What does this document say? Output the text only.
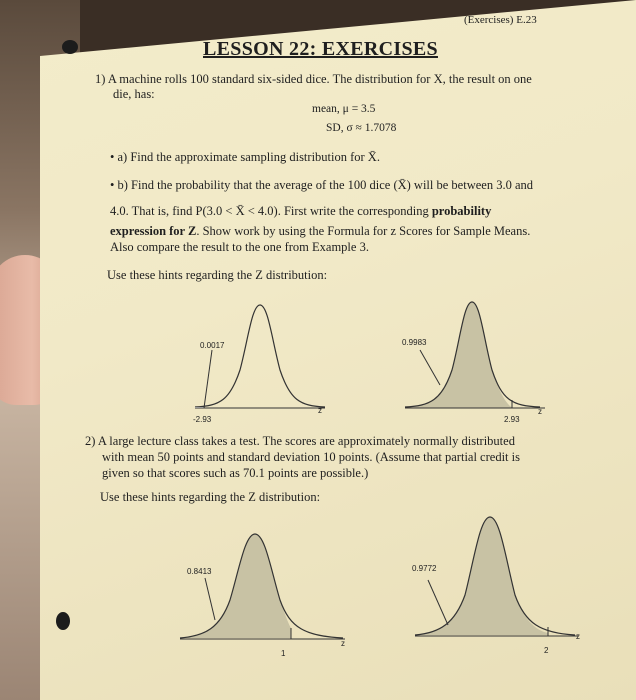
(Exercises) E.23
LESSON 22: EXERCISES
1) A machine rolls 100 standard six-sided dice. The distribution for X, the result on one
die, has:
mean, μ = 3.5
SD, σ ≈ 1.7078
• a) Find the approximate sampling distribution for X̄.
• b) Find the probability that the average of the 100 dice (X̄) will be between 3.0 and
4.0. That is, find P(3.0 < X̄ < 4.0). First write the corresponding probability
expression for Z. Show work by using the Formula for z Scores for Sample Means.
Also compare the result to the one from Example 3.
Use these hints regarding the Z distribution:
0.0017
-2.93
z
0.9983
2.93
z
2) A large lecture class takes a test. The scores are approximately normally distributed
with mean 50 points and standard deviation 10 points. (Assume that partial credit is
given so that scores such as 70.1 points are possible.)
Use these hints regarding the Z distribution:
0.8413
1
z
0.9772
2
z
